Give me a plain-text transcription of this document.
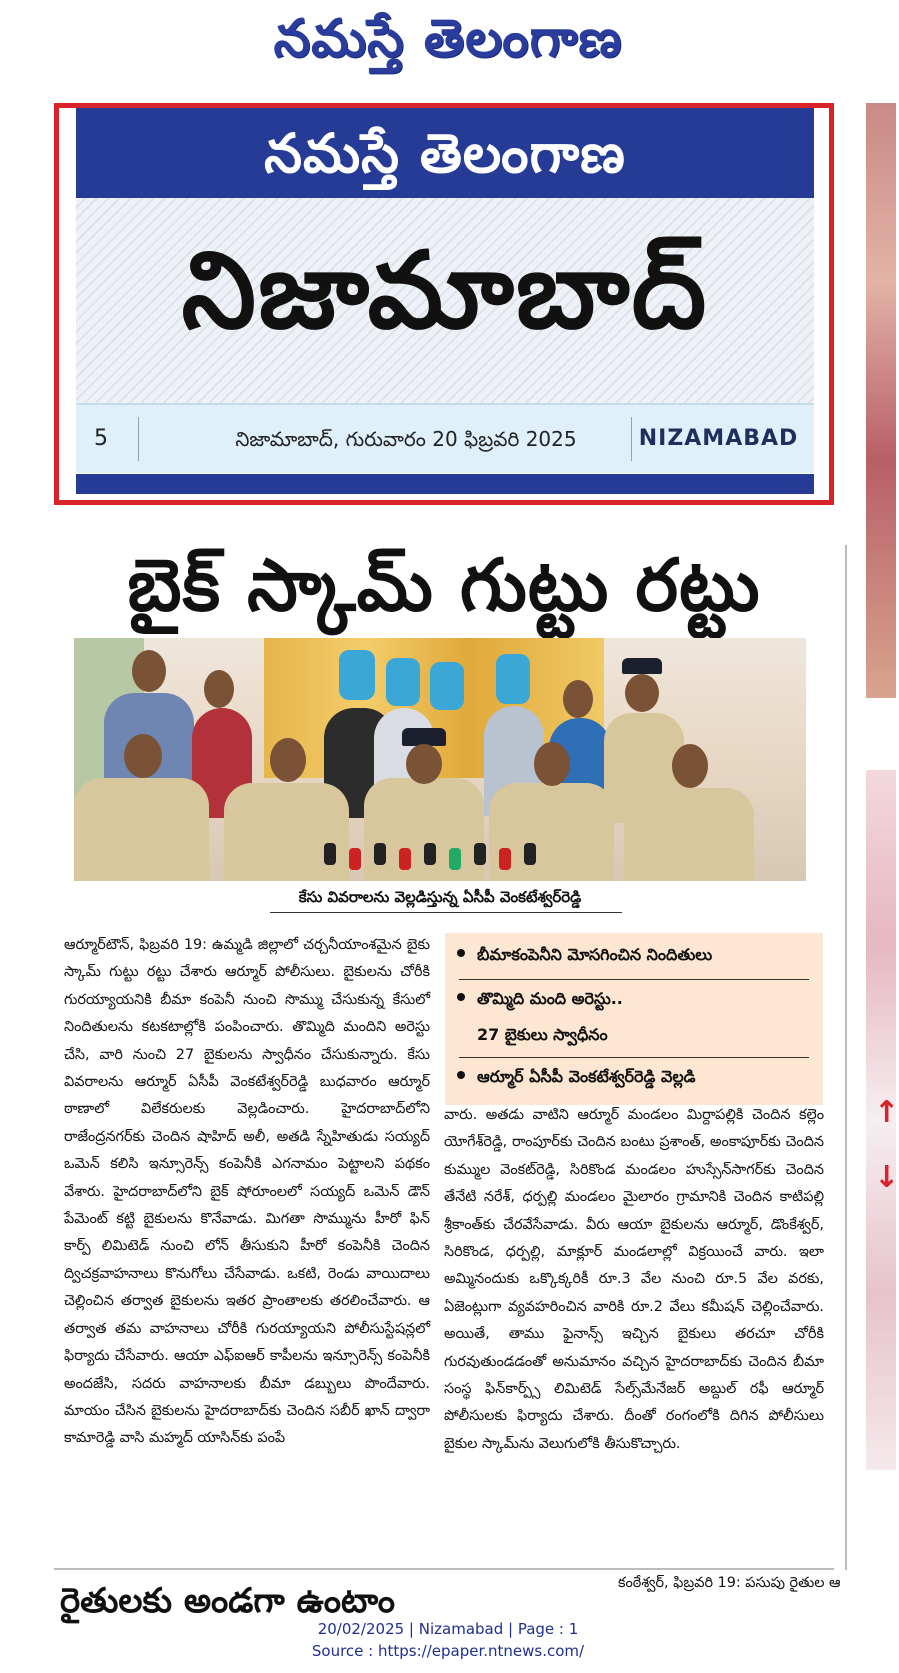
నమస్తే తెలంగాణ
నమస్తే తెలంగాణ
నిజామాబాద్
5	నిజామాబాద్, గురువారం 20 ఫిబ్రవరి 2025	NIZAMABAD
↑
↓
బైక్ స్కామ్ గుట్టు రట్టు
కేసు వివరాలను వెల్లడిస్తున్న ఏసీపీ వెంకటేశ్వర్‌రెడ్డి

ఆర్మూర్‌టౌన్, ఫిబ్రవరి 19: ఉమ్మడి జిల్లాలో చర్చనీయాంశమైన బైకు స్కామ్ గుట్టు రట్టు చేశారు ఆర్మూర్ పోలీసులు. బైకులను చోరీకి గురయ్యాయనికి బీమా కంపెనీ నుంచి సొమ్ము చేసుకున్న కేసులో నిందితులను కటకటాల్లోకి పంపించారు. తొమ్మిది మందిని అరెస్టు చేసి, వారి నుంచి 27 బైకులను స్వాధీనం చేసుకున్నారు. కేసు వివరాలను ఆర్మూర్ ఏసీపీ వెంకటేశ్వర్‌రెడ్డి బుధవారం ఆర్మూర్ ఠాణాలో విలేకరులకు వెల్లడించారు. హైదరాబాద్‌లోని రాజేంద్రనగర్‌కు చెందిన షాహిద్ అలీ, అతడి స్నేహితుడు సయ్యద్ ఒమెన్ కలిసి ఇన్సూరెన్స్ కంపెనీకి ఎగనామం పెట్టాలని పథకం వేశారు. హైదరాబాద్‌లోని బైక్ షోరూంలలో సయ్యద్ ఒమెన్ డౌన్ పేమెంట్ కట్టి బైకులను కొనేవాడు. మిగతా సొమ్మును హీరో ఫిన్ కార్ప్ లిమిటెడ్ నుంచి లోన్ తీసుకుని హీరో కంపెనీకి చెందిన ద్విచక్రవాహనాలు కొనుగోలు చేసేవాడు. ఒకటి, రెండు వాయిదాలు చెల్లించిన తర్వాత బైకులను ఇతర ప్రాంతాలకు తరలించేవారు. ఆ తర్వాత తమ వాహనాలు చోరీకి గురయ్యాయని పోలీసుస్టేషన్లలో ఫిర్యాదు చేసేవారు. ఆయా ఎఫ్ఐఆర్ కాపీలను ఇన్సూరెన్స్ కంపెనీకి అందజేసి, సదరు వాహనాలకు బీమా డబ్బులు పొందేవారు. మాయం చేసిన బైకులను హైదరాబాద్‌కు చెందిన సబీర్ ఖాన్ ద్వారా కామారెడ్డి వాసి మహ్మద్ యాసిన్‌కు పంపే

బీమాకంపెనీని మోసగించిన నిందితులు
తొమ్మిది మంది అరెస్టు..
27 బైకులు స్వాధీనం
ఆర్మూర్ ఏసీపీ వెంకటేశ్వర్‌రెడ్డి వెల్లడి

వారు. అతడు వాటిని ఆర్మూర్ మండలం మిర్దాపల్లికి చెందిన కల్లెం యోగేశ్‌రెడ్డి, రాంపూర్‌కు చెందిన బంటు ప్రశాంత్, అంకాపూర్‌కు చెందిన కుమ్ముల వెంకట్‌రెడ్డి, సిరికొండ మండలం హుస్సేన్‌సాగర్‌కు చెందిన తేనేటి నరేశ్, ధర్పల్లి మండలం మైలారం గ్రామానికి చెందిన కాటిపల్లి శ్రీకాంత్‌కు చేరవేసేవాడు. వీరు ఆయా బైకులను ఆర్మూర్, డొంకేశ్వర్, సిరికొండ, ధర్పల్లి, మాక్లూర్ మండలాల్లో విక్రయించే వారు. ఇలా అమ్మినందుకు ఒక్కొక్కరికీ రూ.3 వేల నుంచి రూ.5 వేల వరకు, ఏజెంట్లుగా వ్యవహరించిన వారికి రూ.2 వేలు కమీషన్ చెల్లించేవారు. అయితే, తాము ఫైనాన్స్ ఇచ్చిన బైకులు తరచూ చోరీకి గురవుతుండడంతో అనుమానం వచ్చిన హైదరాబాద్‌కు చెందిన బీమా సంస్థ ఫిన్‌కార్ప్స్ లిమిటెడ్ సేల్స్‌మేనేజర్ అబ్దుల్ రఫీ ఆర్మూర్ పోలీసులకు ఫిర్యాదు చేశారు. దీంతో రంగంలోకి దిగిన పోలీసులు బైకుల స్కామ్‌ను వెలుగులోకి తీసుకొచ్చారు.

రైతులకు అండగా ఉంటాం	కంఠేశ్వర్, ఫిబ్రవరి 19: పసుపు రైతుల ఆ
20/02/2025 | Nizamabad | Page : 1
Source : https://epaper.ntnews.com/
